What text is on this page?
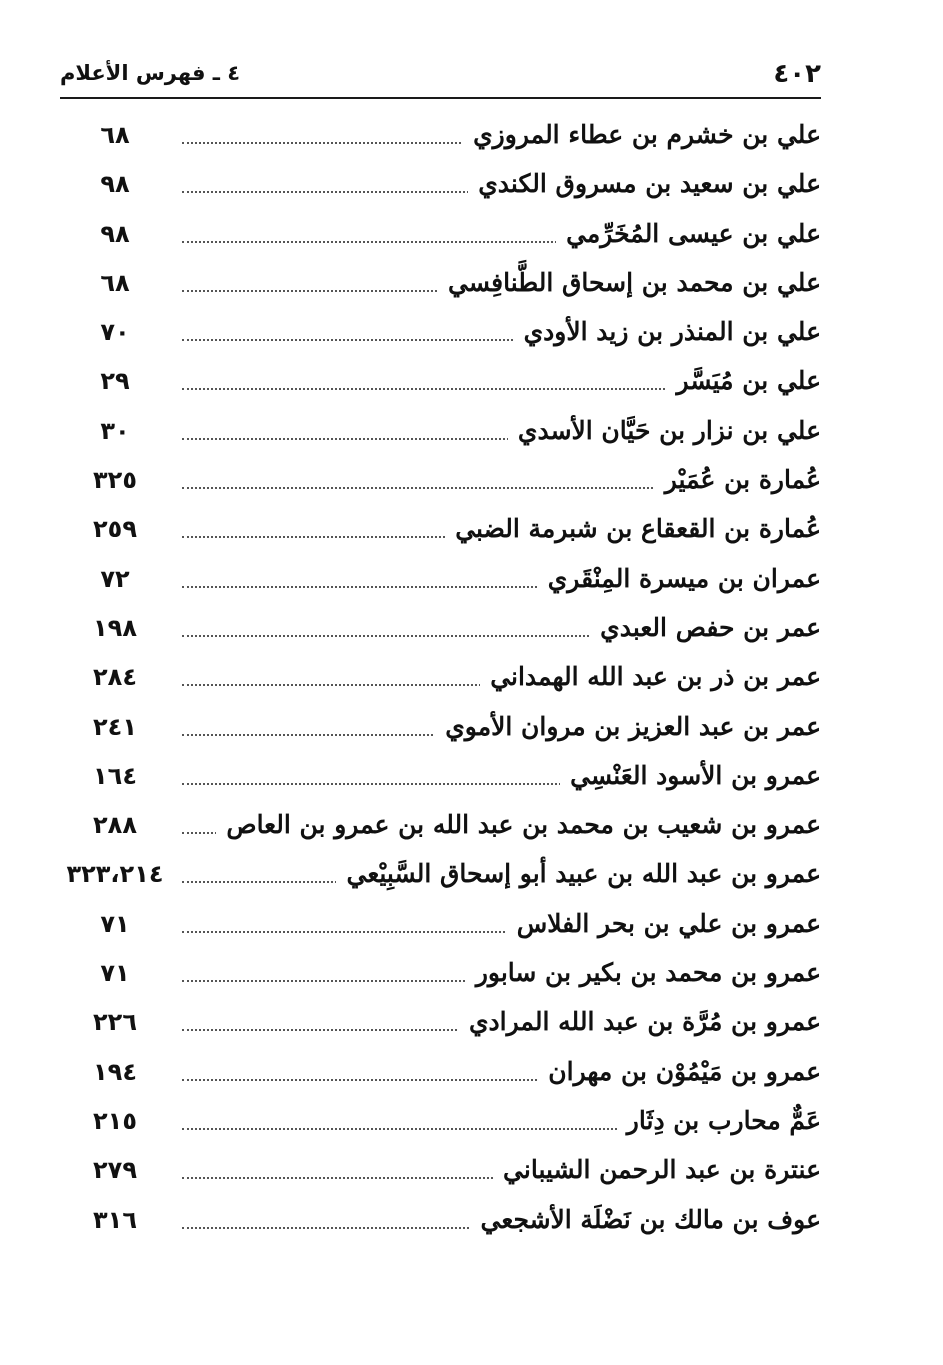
٤٠٢
٤ ـ فهرس الأعلام
علي بن خشرم بن عطاء المروزي
٦٨
علي بن سعيد بن مسروق الكندي
٩٨
علي بن عيسى المُخَرِّمي
٩٨
علي بن محمد بن إسحاق الطَّنافِسي
٦٨
علي بن المنذر بن زيد الأودي
٧٠
علي بن مُيَسَّر
٢٩
علي بن نزار بن حَيَّان الأسدي
٣٠
عُمارة بن عُمَيْر
٣٢٥
عُمارة بن القعقاع بن شبرمة الضبي
٢٥٩
عمران بن ميسرة المِنْقَري
٧٢
عمر بن حفص العبدي
١٩٨
عمر بن ذر بن عبد الله الهمداني
٢٨٤
عمر بن عبد العزيز بن مروان الأموي
٢٤١
عمرو بن الأسود العَنْسِي
١٦٤
عمرو بن شعيب بن محمد بن عبد الله بن عمرو بن العاص
٢٨٨
عمرو بن عبد الله بن عبيد أبو إسحاق السَّبِيْعي
٣٢٣،٢١٤
عمرو بن علي بن بحر الفلاس
٧١
عمرو بن محمد بن بكير بن سابور
٧١
عمرو بن مُرَّة بن عبد الله المرادي
٢٢٦
عمرو بن مَيْمُوْن بن مهران
١٩٤
عَمٌّ محارب بن دِثَار
٢١٥
عنترة بن عبد الرحمن الشيباني
٢٧٩
عوف بن مالك بن نَضْلَة الأشجعي
٣١٦
